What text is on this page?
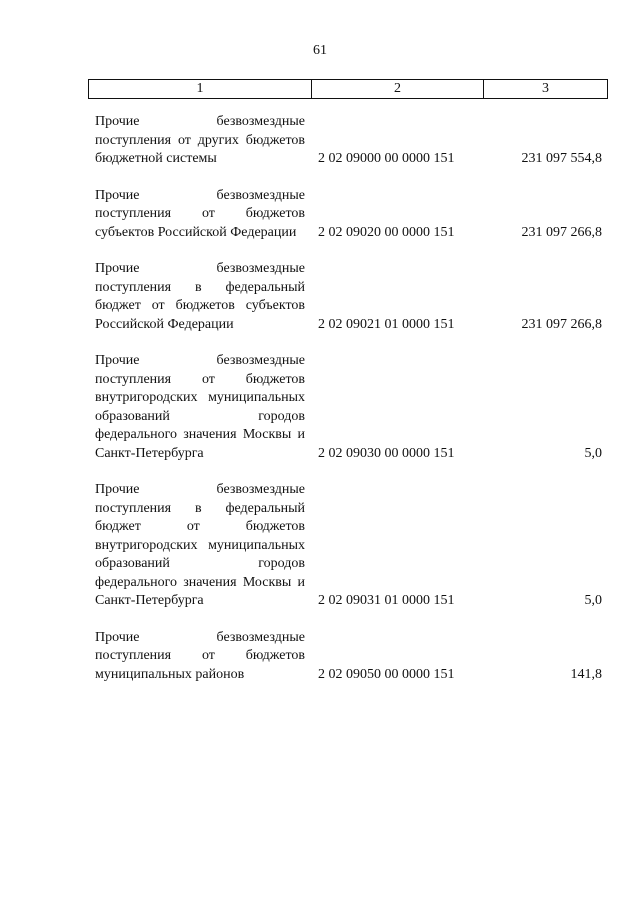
61
1	2	3
Прочие безвозмездные поступления от других бюджетов бюджетной системы	2 02 09000 00 0000 151	231 097 554,8
Прочие безвозмездные поступления от бюджетов субъектов Российской Федерации	2 02 09020 00 0000 151	231 097 266,8
Прочие безвозмездные поступления в федеральный бюджет от бюджетов субъектов Российской Федерации	2 02 09021 01 0000 151	231 097 266,8
Прочие безвозмездные поступления от бюджетов внутригородских муниципальных образований городов федерального значения Москвы и Санкт-Петербурга	2 02 09030 00 0000 151	5,0
Прочие безвозмездные поступления в федеральный бюджет от бюджетов внутригородских муниципальных образований городов федерального значения Москвы и Санкт-Петербурга	2 02 09031 01 0000 151	5,0
Прочие безвозмездные поступления от бюджетов муниципальных районов	2 02 09050 00 0000 151	141,8
